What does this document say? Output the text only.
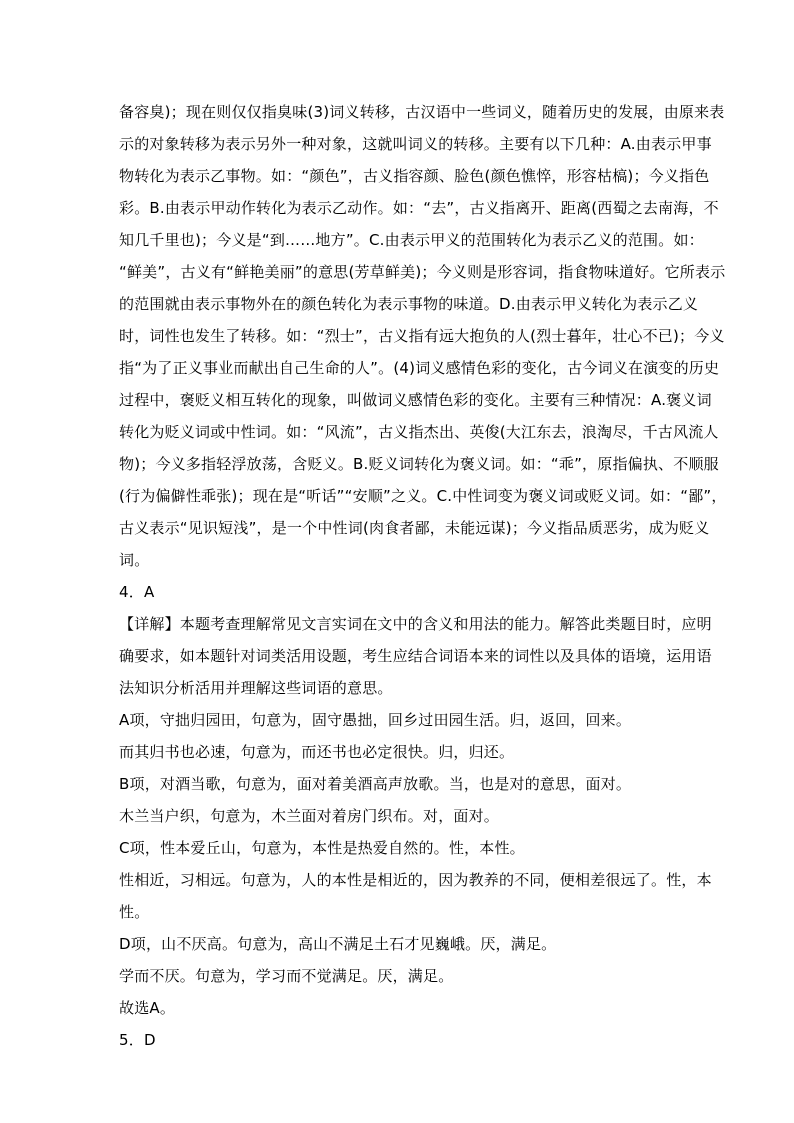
备容臭)；现在则仅仅指臭味(3)词义转移，古汉语中一些词义，随着历史的发展，由原来表
示的对象转移为表示另外一种对象，这就叫词义的转移。主要有以下几种：A.由表示甲事
物转化为表示乙事物。如：“颜色”，古义指容颜、脸色(颜色憔悴，形容枯槁)；今义指色
彩。B.由表示甲动作转化为表示乙动作。如：“去”，古义指离开、距离(西蜀之去南海，不
知几千里也)；今义是“到……地方”。C.由表示甲义的范围转化为表示乙义的范围。如：
“鲜美”，古义有“鲜艳美丽”的意思(芳草鲜美)；今义则是形容词，指食物味道好。它所表示
的范围就由表示事物外在的颜色转化为表示事物的味道。D.由表示甲义转化为表示乙义
时，词性也发生了转移。如：“烈士”，古义指有远大抱负的人(烈士暮年，壮心不已)；今义
指“为了正义事业而献出自己生命的人”。(4)词义感情色彩的变化，古今词义在演变的历史
过程中，褒贬义相互转化的现象，叫做词义感情色彩的变化。主要有三种情况：A.褒义词
转化为贬义词或中性词。如：“风流”，古义指杰出、英俊(大江东去，浪淘尽，千古风流人
物)；今义多指轻浮放荡，含贬义。B.贬义词转化为褒义词。如：“乖”，原指偏执、不顺服
(行为偏僻性乖张)；现在是“听话”“安顺”之义。C.中性词变为褒义词或贬义词。如：“鄙”，
古义表示“见识短浅”，是一个中性词(肉食者鄙，未能远谋)；今义指品质恶劣，成为贬义
词。
4．A
【详解】本题考查理解常见文言实词在文中的含义和用法的能力。解答此类题目时，应明
确要求，如本题针对词类活用设题，考生应结合词语本来的词性以及具体的语境，运用语
法知识分析活用并理解这些词语的意思。
A项，守拙归园田，句意为，固守愚拙，回乡过田园生活。归，返回，回来。
而其归书也必速，句意为，而还书也必定很快。归，归还。
B项，对酒当歌，句意为，面对着美酒高声放歌。当，也是对的意思，面对。
木兰当户织，句意为，木兰面对着房门织布。对，面对。
C项，性本爱丘山，句意为，本性是热爱自然的。性，本性。
性相近，习相远。句意为，人的本性是相近的，因为教养的不同，便相差很远了。性，本
性。
D项，山不厌高。句意为，高山不满足土石才见巍峨。厌，满足。
学而不厌。句意为，学习而不觉满足。厌，满足。
故选A。
5．D
